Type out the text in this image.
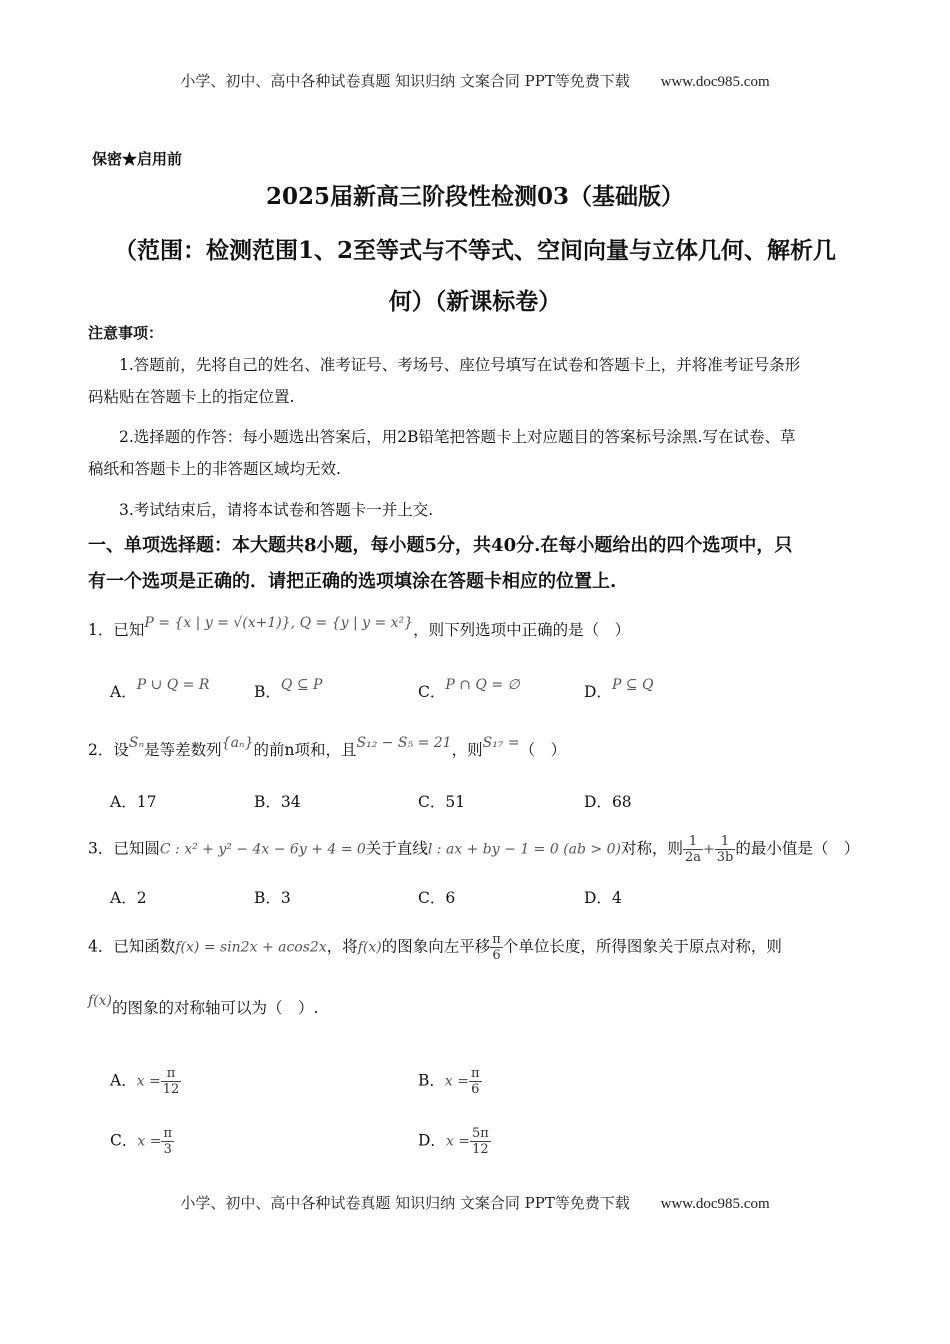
小学、初中、高中各种试卷真题 知识归纳 文案合同 PPT等免费下载 www.doc985.com
保密★启用前
2025届新高三阶段性检测03（基础版）
（范围：检测范围1、2至等式与不等式、空间向量与立体几何、解析几
何）（新课标卷）
注意事项：
1.答题前，先将自己的姓名、准考证号、考场号、座位号填写在试卷和答题卡上，并将准考证号条形
码粘贴在答题卡上的指定位置.
2.选择题的作答：每小题选出答案后，用2B铅笔把答题卡上对应题目的答案标号涂黑.写在试卷、草
稿纸和答题卡上的非答题区域均无效.
3.考试结束后，请将本试卷和答题卡一并上交.
一、单项选择题：本大题共8小题，每小题5分，共40分.在每小题给出的四个选项中，只
有一个选项是正确的．请把正确的选项填涂在答题卡相应的位置上.
1．已知P = {x | y = √(x+1)}, Q = {y | y = x²}，则下列选项中正确的是（　）
A．P ∪ Q = R	B．Q ⊆ P	C．P ∩ Q = ∅	D．P ⊆ Q
2．设Sₙ是等差数列{aₙ}的前n项和，且S₁₂ − S₅ = 21，则S₁₇ =（　）
A．17	B．34	C．51	D．68
3．已知圆C : x² + y² − 4x − 6y + 4 = 0关于直线l : ax + by − 1 = 0 (ab > 0)对称，则 $\frac{1}{2a} + \frac{1}{3b}$ 的最小值是（　）
A．2	B．3	C．6	D．4
4．已知函数f(x) = sin2x + acos2x，将f(x)的图象向左平移 $\frac{\pi}{6}$ 个单位长度，所得图象关于原点对称，则
f(x)的图象的对称轴可以为（　）.
A．$x = \frac{\pi}{12}$	B．$x = \frac{\pi}{6}$
C．$x = \frac{\pi}{3}$	D．$x = \frac{5\pi}{12}$
小学、初中、高中各种试卷真题 知识归纳 文案合同 PPT等免费下载 www.doc985.com
